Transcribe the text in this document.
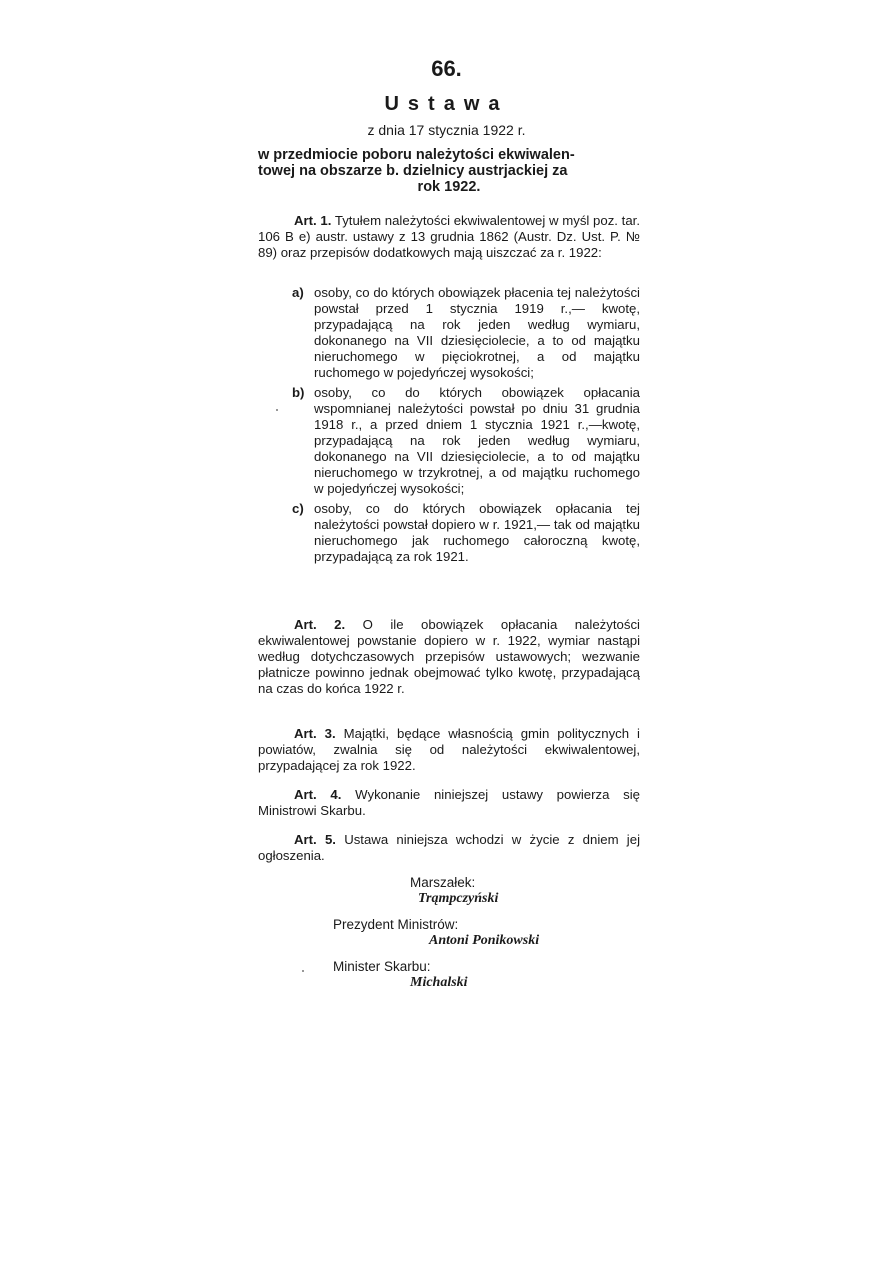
66.
Ustawa
z dnia 17 stycznia 1922 r.
w przedmiocie poboru należytości ekwiwalen-
towej na obszarze b. dzielnicy austrjackiej za
rok 1922.
Art. 1. Tytułem należytości ekwiwalentowej w myśl poz. tar. 106 B e) austr. ustawy z 13 grudnia 1862 (Austr. Dz. Ust. P. № 89) oraz przepisów dodatkowych mają uiszczać za r. 1922:
a) osoby, co do których obowiązek płacenia tej należytości powstał przed 1 stycznia 1919 r.,— kwotę, przypadającą na rok jeden według wymiaru, dokonanego na VII dziesięciolecie, a to od majątku nieruchomego w pięciokrotnej, a od majątku ruchomego w pojedyńczej wysokości;
b) osoby, co do których obowiązek opłacania wspomnianej należytości powstał po dniu 31 grudnia 1918 r., a przed dniem 1 stycznia 1921 r.,—kwotę, przypadającą na rok jeden według wymiaru, dokonanego na VII dziesięciolecie, a to od majątku nieruchomego w trzykrotnej, a od majątku ruchomego w pojedyńczej wysokości;
c) osoby, co do których obowiązek opłacania tej należytości powstał dopiero w r. 1921,— tak od majątku nieruchomego jak ruchomego całoroczną kwotę, przypadającą za rok 1921.
Art. 2. O ile obowiązek opłacania należytości ekwiwalentowej powstanie dopiero w r. 1922, wymiar nastąpi według dotychczasowych przepisów ustawowych; wezwanie płatnicze powinno jednak obejmować tylko kwotę, przypadającą na czas do końca 1922 r.
Art. 3. Majątki, będące własnością gmin politycznych i powiatów, zwalnia się od należytości ekwiwalentowej, przypadającej za rok 1922.
Art. 4. Wykonanie niniejszej ustawy powierza się Ministrowi Skarbu.
Art. 5. Ustawa niniejsza wchodzi w życie z dniem jej ogłoszenia.
Marszałek:
Trąmpczyński
Prezydent Ministrów:
Antoni Ponikowski
Minister Skarbu:
Michalski
